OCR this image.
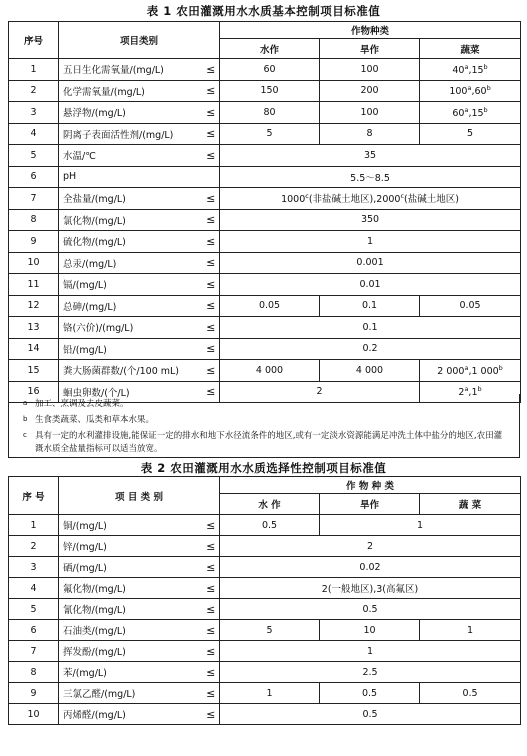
表 1 农田灌溉用水水质基本控制项目标准值
序号	项目类别		作物种类		
			水作	旱作	蔬菜
1	五日生化需氧量/(mg/L)	≤	60	100	40$^a$,15$^b$
2	化学需氧量/(mg/L)	≤	150	200	100$^a$,60$^b$
3	悬浮物/(mg/L)	≤	80	100	60$^a$,15$^b$
4	阴离子表面活性剂/(mg/L)	≤	5	8	5
5	水温/℃	≤	35		
6	pH		5.5～8.5		
7	全盐量/(mg/L)	≤	$1000^c$(非盐碱土地区),2000$^c$(盐碱土地区)		
8	氯化物/(mg/L)	≤	350		
9	硫化物/(mg/L)	≤	1		
10	总汞/(mg/L)	≤	0.001		
11	镉/(mg/L)	≤	0.01		
12	总砷/(mg/L)	≤	0.05	0.1	0.05
13	铬(六价)/(mg/L)	≤	0.1		
14	铅/(mg/L)	≤	0.2		
15	粪大肠菌群数/(个/100 mL)	≤	4 000	4 000	2 000$^a$,1 000$^b$
16	蛔虫卵数/(个/L)	≤	2		2$^a$,1$^b$
a 加工、烹调及去皮蔬菜。
b 生食类蔬菜、瓜类和草本水果。
c 具有一定的水利灌排设施,能保证一定的排水和地下水径流条件的地区,或有一定淡水资源能满足冲洗土体中盐分的地区,农田灌溉水质全盐量指标可以适当放宽。
表 2 农田灌溉用水水质选择性控制项目标准值
序 号	项 目 类 别		作 物 种 类		
			水 作	旱作	蔬 菜
1	铜/(mg/L)	≤	0.5	1	
2	锌/(mg/L)	≤	2		
3	硒/(mg/L)	≤	0.02		
4	氟化物/(mg/L)	≤	2(一般地区),3(高氟区)		
5	氰化物/(mg/L)	≤	0.5		
6	石油类/(mg/L)	≤	5	10	1
7	挥发酚/(mg/L)	≤	1		
8	苯/(mg/L)	≤	2.5		
9	三氯乙醛/(mg/L)	≤	1	0.5	0.5
10	丙烯醛/(mg/L)	≤	0.5		
